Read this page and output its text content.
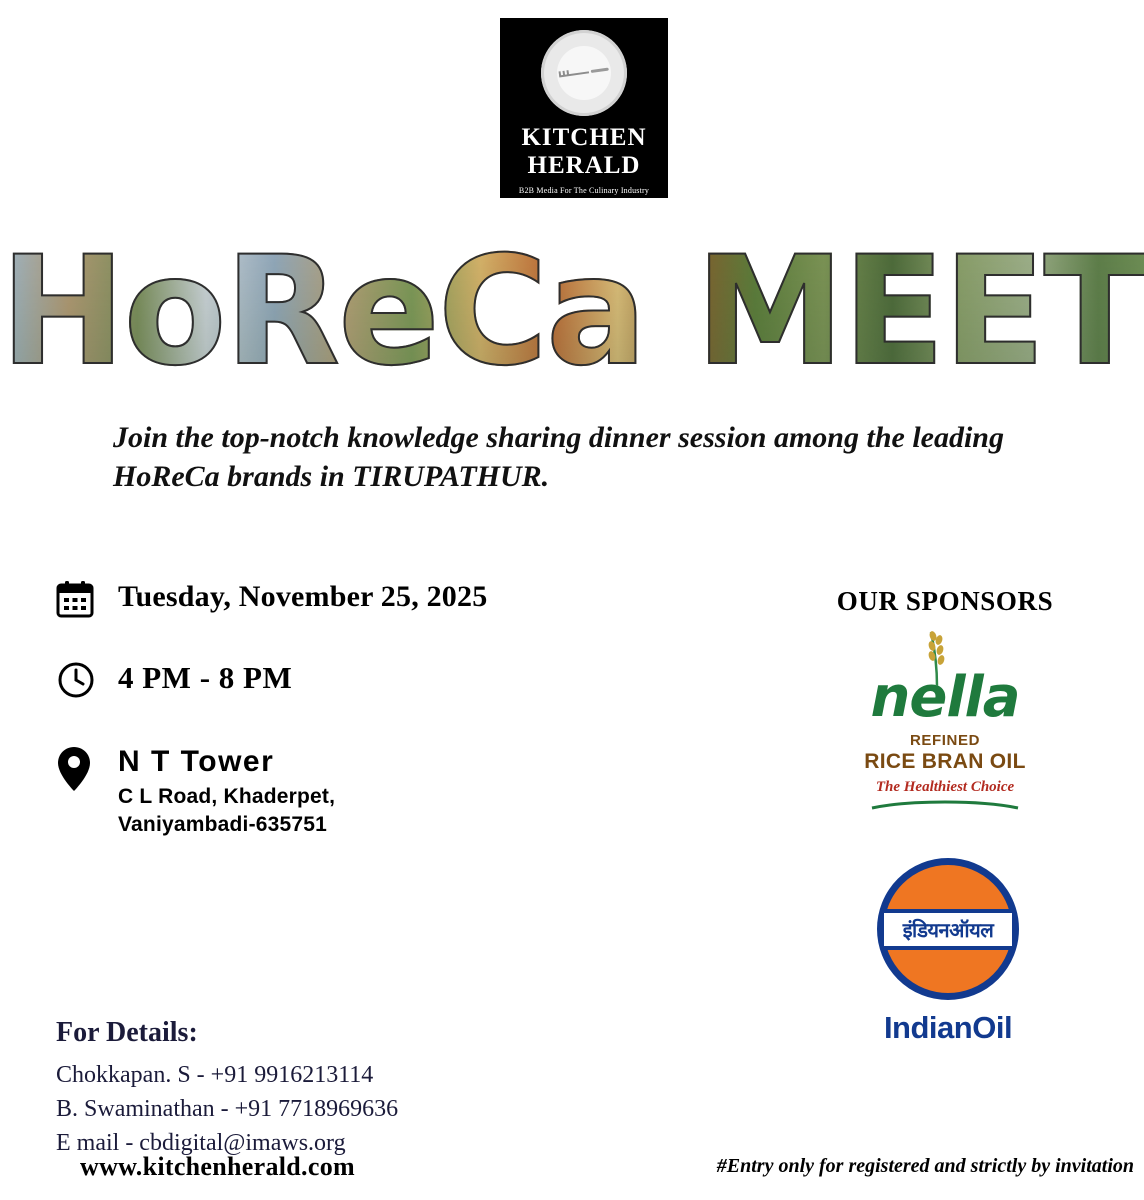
KITCHEN
HERALD
B2B Media For The Culinary Industry
HoReCa MEET
Join the top-notch knowledge sharing dinner session among the leading HoReCa brands in TIRUPATHUR.
Tuesday, November 25, 2025
4 PM - 8 PM
N T Tower
C L Road, Khaderpet,
Vaniyambadi-635751
OUR SPONSORS
nella
REFINED
RICE BRAN OIL
The Healthiest Choice
इंडियनऑयल
IndianOil
For Details:
Chokkapan. S - +91 9916213114
B. Swaminathan - +91 7718969636
E mail - cbdigital@imaws.org
www.kitchenherald.com	#Entry only for registered and strictly by invitation
